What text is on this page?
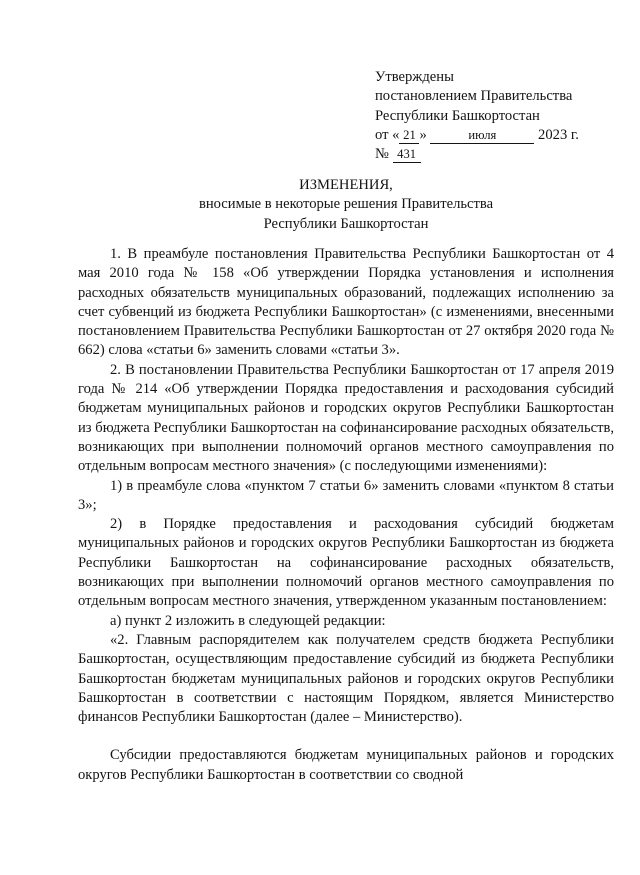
Утверждены
постановлением Правительства
Республики Башкортостан
от « 21 »	июля	2023 г.
№ 431
ИЗМЕНЕНИЯ,
вносимые в некоторые решения Правительства
Республики Башкортостан

1. В преамбуле постановления Правительства Республики Башкортостан от 4 мая 2010 года № 158 «Об утверждении Порядка установления и исполнения расходных обязательств муниципальных образований, подлежащих исполнению за счет субвенций из бюджета Республики Башкортостан» (с изменениями, внесенными постановлением Правительства Республики Башкортостан от 27 октября 2020 года № 662) слова «статьи 6» заменить словами «статьи 3».

2. В постановлении Правительства Республики Башкортостан от 17 апреля 2019 года № 214 «Об утверждении Порядка предоставления и расходования субсидий бюджетам муниципальных районов и городских округов Республики Башкортостан из бюджета Республики Башкортостан на софинансирование расходных обязательств, возникающих при выполнении полномочий органов местного самоуправления по отдельным вопросам местного значения» (с последующими изменениями):

1) в преамбуле слова «пунктом 7 статьи 6» заменить словами «пунктом 8 статьи 3»;

2) в Порядке предоставления и расходования субсидий бюджетам муниципальных районов и городских округов Республики Башкортостан из бюджета Республики Башкортостан на софинансирование расходных обязательств, возникающих при выполнении полномочий органов местного самоуправления по отдельным вопросам местного значения, утвержденном указанным постановлением:

а) пункт 2 изложить в следующей редакции:

«2. Главным распорядителем как получателем средств бюджета Республики Башкортостан, осуществляющим предоставление субсидий из бюджета Республики Башкортостан бюджетам муниципальных районов и городских округов Республики Башкортостан в соответствии с настоящим Порядком, является Министерство финансов Республики Башкортостан (далее – Министерство).

Субсидии предоставляются бюджетам муниципальных районов и городских округов Республики Башкортостан в соответствии со сводной
